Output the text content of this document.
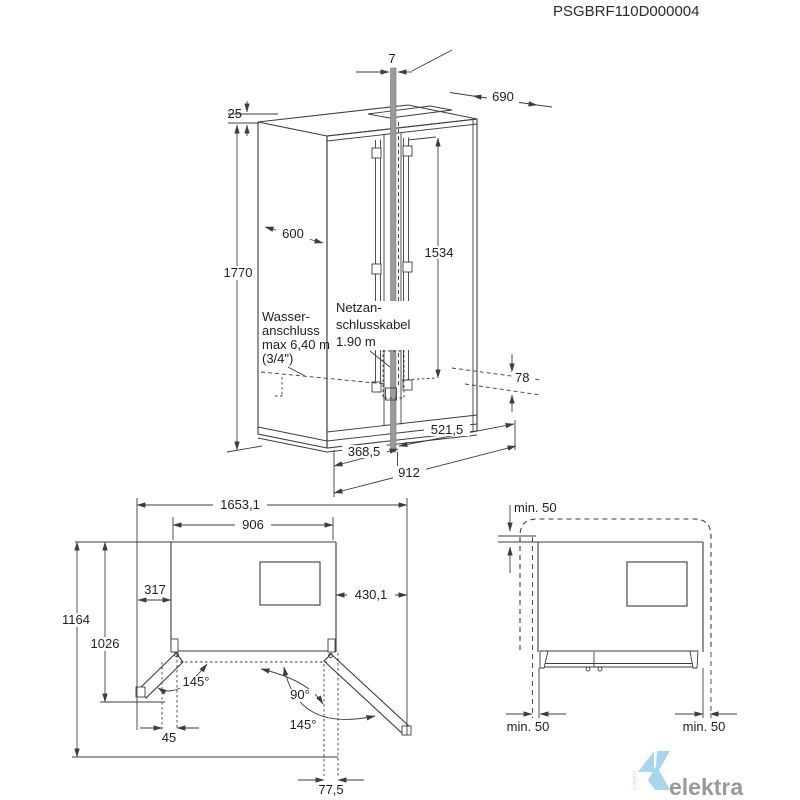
PSGBRF110D000004
7
690
25
1770
600
1534
78
521,5
368,5
912
Wasser-
anschluss
max 6,40 m
(3/4")
Netzan-
schlusskabel
1.90 m
1653,1
906
317	430,1
1164
1026
45
77,5
145°
90°
145°
min. 50
min. 50	min. 50
GRUPO elektra
